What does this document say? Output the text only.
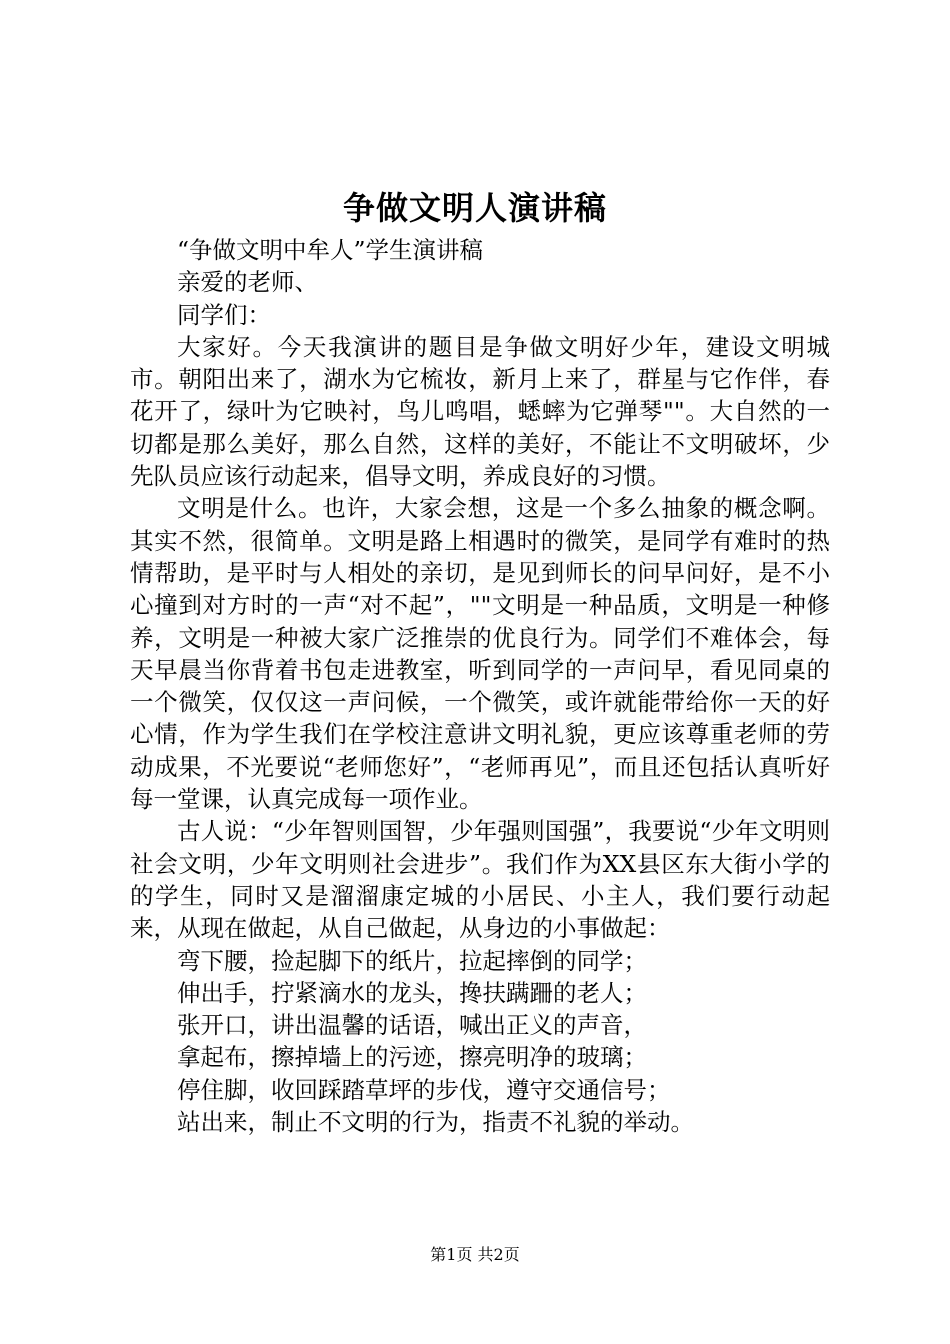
争做文明人演讲稿

“争做文明中牟人”学生演讲稿

亲爱的老师、

同学们：

大家好。今天我演讲的题目是争做文明好少年，建设文明城市。朝阳出来了，湖水为它梳妆，新月上来了，群星与它作伴，春花开了，绿叶为它映衬，鸟儿鸣唱，蟋蟀为它弹琴""。大自然的一切都是那么美好，那么自然，这样的美好，不能让不文明破坏，少先队员应该行动起来，倡导文明，养成良好的习惯。

文明是什么。也许，大家会想，这是一个多么抽象的概念啊。其实不然，很简单。文明是路上相遇时的微笑，是同学有难时的热情帮助，是平时与人相处的亲切，是见到师长的问早问好，是不小心撞到对方时的一声“对不起”，""文明是一种品质，文明是一种修养，文明是一种被大家广泛推崇的优良行为。同学们不难体会，每天早晨当你背着书包走进教室，听到同学的一声问早，看见同桌的一个微笑，仅仅这一声问候，一个微笑，或许就能带给你一天的好心情，作为学生我们在学校注意讲文明礼貌，更应该尊重老师的劳动成果，不光要说“老师您好”，“老师再见”，而且还包括认真听好每一堂课，认真完成每一项作业。

古人说：“少年智则国智，少年强则国强”，我要说“少年文明则社会文明，少年文明则社会进步”。我们作为XX县区东大街小学的的学生，同时又是溜溜康定城的小居民、小主人，我们要行动起来，从现在做起，从自己做起，从身边的小事做起：

弯下腰，捡起脚下的纸片，拉起摔倒的同学；

伸出手，拧紧滴水的龙头，搀扶蹒跚的老人；

张开口，讲出温馨的话语，喊出正义的声音，

拿起布，擦掉墙上的污迹，擦亮明净的玻璃；

停住脚，收回踩踏草坪的步伐，遵守交通信号；

站出来，制止不文明的行为，指责不礼貌的举动。

第1页 共2页
